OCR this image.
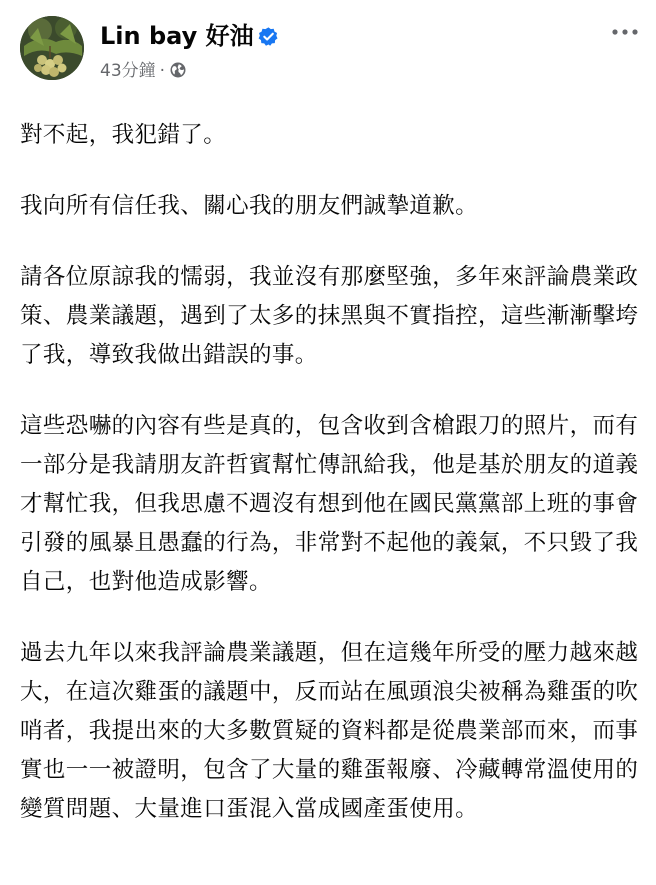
Lin bay 好油
43分鐘 ·

對不起，我犯錯了。

我向所有信任我、關心我的朋友們誠摯道歉。

請各位原諒我的懦弱，我並沒有那麼堅強，多年來評論農業政策、農業議題，遇到了太多的抹黑與不實指控，這些漸漸擊垮了我，導致我做出錯誤的事。

這些恐嚇的內容有些是真的，包含收到含槍跟刀的照片，而有一部分是我請朋友許哲賓幫忙傳訊給我，他是基於朋友的道義才幫忙我，但我思慮不週沒有想到他在國民黨黨部上班的事會引發的風暴且愚蠢的行為，非常對不起他的義氣，不只毀了我自己，也對他造成影響。

過去九年以來我評論農業議題，但在這幾年所受的壓力越來越大，在這次雞蛋的議題中，反而站在風頭浪尖被稱為雞蛋的吹哨者，我提出來的大多數質疑的資料都是從農業部而來，而事實也一一被證明，包含了大量的雞蛋報廢、冷藏轉常溫使用的變質問題、大量進口蛋混入當成國產蛋使用。
